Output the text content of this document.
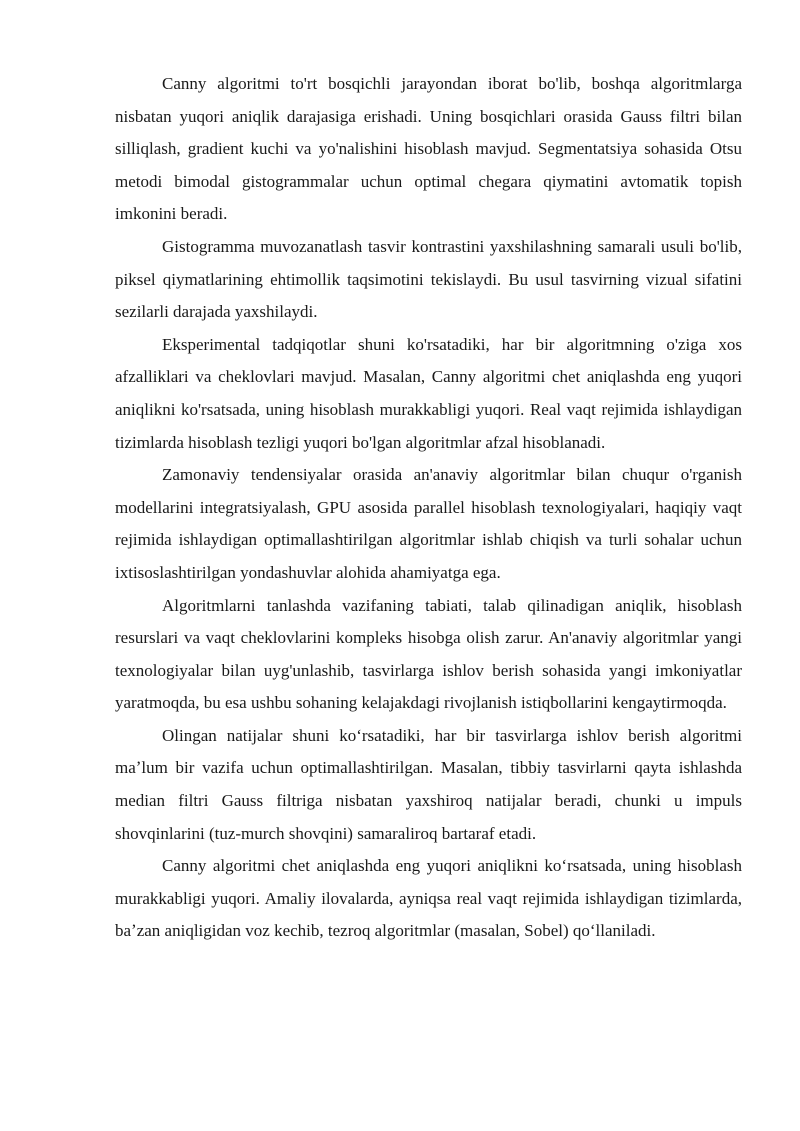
Canny algoritmi to'rt bosqichli jarayondan iborat bo'lib, boshqa algoritmlarga nisbatan yuqori aniqlik darajasiga erishadi. Uning bosqichlari orasida Gauss filtri bilan silliqlash, gradient kuchi va yo'nalishini hisoblash mavjud. Segmentatsiya sohasida Otsu metodi bimodal gistogrammalar uchun optimal chegara qiymatini avtomatik topish imkonini beradi.

Gistogramma muvozanatlash tasvir kontrastini yaxshilashning samarali usuli bo'lib, piksel qiymatlarining ehtimollik taqsimotini tekislaydi. Bu usul tasvirning vizual sifatini sezilarli darajada yaxshilaydi.

Eksperimental tadqiqotlar shuni ko'rsatadiki, har bir algoritmning o'ziga xos afzalliklari va cheklovlari mavjud. Masalan, Canny algoritmi chet aniqlashda eng yuqori aniqlikni ko'rsatsada, uning hisoblash murakkabligi yuqori. Real vaqt rejimida ishlaydigan tizimlarda hisoblash tezligi yuqori bo'lgan algoritmlar afzal hisoblanadi.

Zamonaviy tendensiyalar orasida an'anaviy algoritmlar bilan chuqur o'rganish modellarini integratsiyalash, GPU asosida parallel hisoblash texnologiyalari, haqiqiy vaqt rejimida ishlaydigan optimallashtirilgan algoritmlar ishlab chiqish va turli sohalar uchun ixtisoslashtirilgan yondashuvlar alohida ahamiyatga ega.

Algoritmlarni tanlashda vazifaning tabiati, talab qilinadigan aniqlik, hisoblash resurslari va vaqt cheklovlarini kompleks hisobga olish zarur. An'anaviy algoritmlar yangi texnologiyalar bilan uyg'unlashib, tasvirlarga ishlov berish sohasida yangi imkoniyatlar yaratmoqda, bu esa ushbu sohaning kelajakdagi rivojlanish istiqbollarini kengaytirmoqda.

Olingan natijalar shuni koʻrsatadiki, har bir tasvirlarga ishlov berish algoritmi maʼlum bir vazifa uchun optimallashtirilgan. Masalan, tibbiy tasvirlarni qayta ishlashda median filtri Gauss filtriga nisbatan yaxshiroq natijalar beradi, chunki u impuls shovqinlarini (tuz-murch shovqini) samaraliroq bartaraf etadi.

Canny algoritmi chet aniqlashda eng yuqori aniqlikni koʻrsatsada, uning hisoblash murakkabligi yuqori. Amaliy ilovalarda, ayniqsa real vaqt rejimida ishlaydigan tizimlarda, baʼzan aniqligidan voz kechib, tezroq algoritmlar (masalan, Sobel) qoʻllaniladi.
